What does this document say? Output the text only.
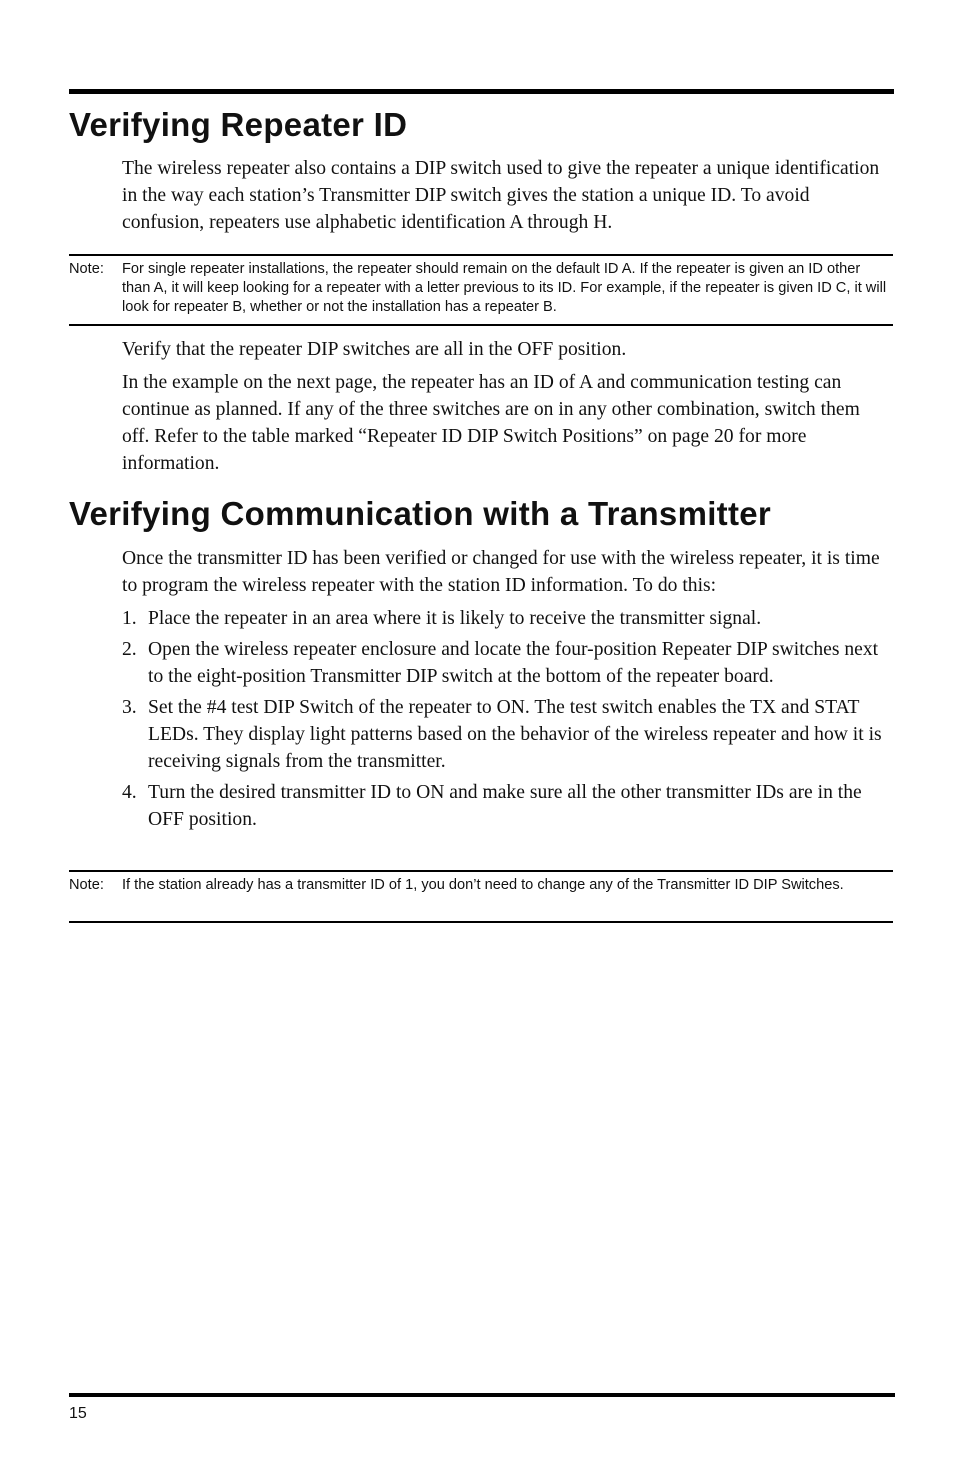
Verifying Repeater ID

The wireless repeater also contains a DIP switch used to give the repeater a unique identification in the way each station’s Transmitter DIP switch gives the station a unique ID. To avoid confusion, repeaters use alphabetic identification A through H.

Note: For single repeater installations, the repeater should remain on the default ID A. If the repeater is given an ID other than A, it will keep looking for a repeater with a letter previous to its ID. For example, if the repeater is given ID C, it will look for repeater B, whether or not the installation has a repeater B.

Verify that the repeater DIP switches are all in the OFF position.

In the example on the next page, the repeater has an ID of A and communication testing can continue as planned. If any of the three switches are on in any other combination, switch them off. Refer to the table marked “Repeater ID DIP Switch Positions” on page 20 for more information.

Verifying Communication with a Transmitter

Once the transmitter ID has been verified or changed for use with the wireless repeater, it is time to program the wireless repeater with the station ID information. To do this:

1. Place the repeater in an area where it is likely to receive the transmitter signal.
2. Open the wireless repeater enclosure and locate the four-position Repeater DIP switches next to the eight-position Transmitter DIP switch at the bottom of the repeater board.
3. Set the #4 test DIP Switch of the repeater to ON. The test switch enables the TX and STAT LEDs. They display light patterns based on the behavior of the wireless repeater and how it is receiving signals from the transmitter.
4. Turn the desired transmitter ID to ON and make sure all the other transmitter IDs are in the OFF position.
Note: If the station already has a transmitter ID of 1, you don’t need to change any of the Transmitter ID DIP Switches.
15
